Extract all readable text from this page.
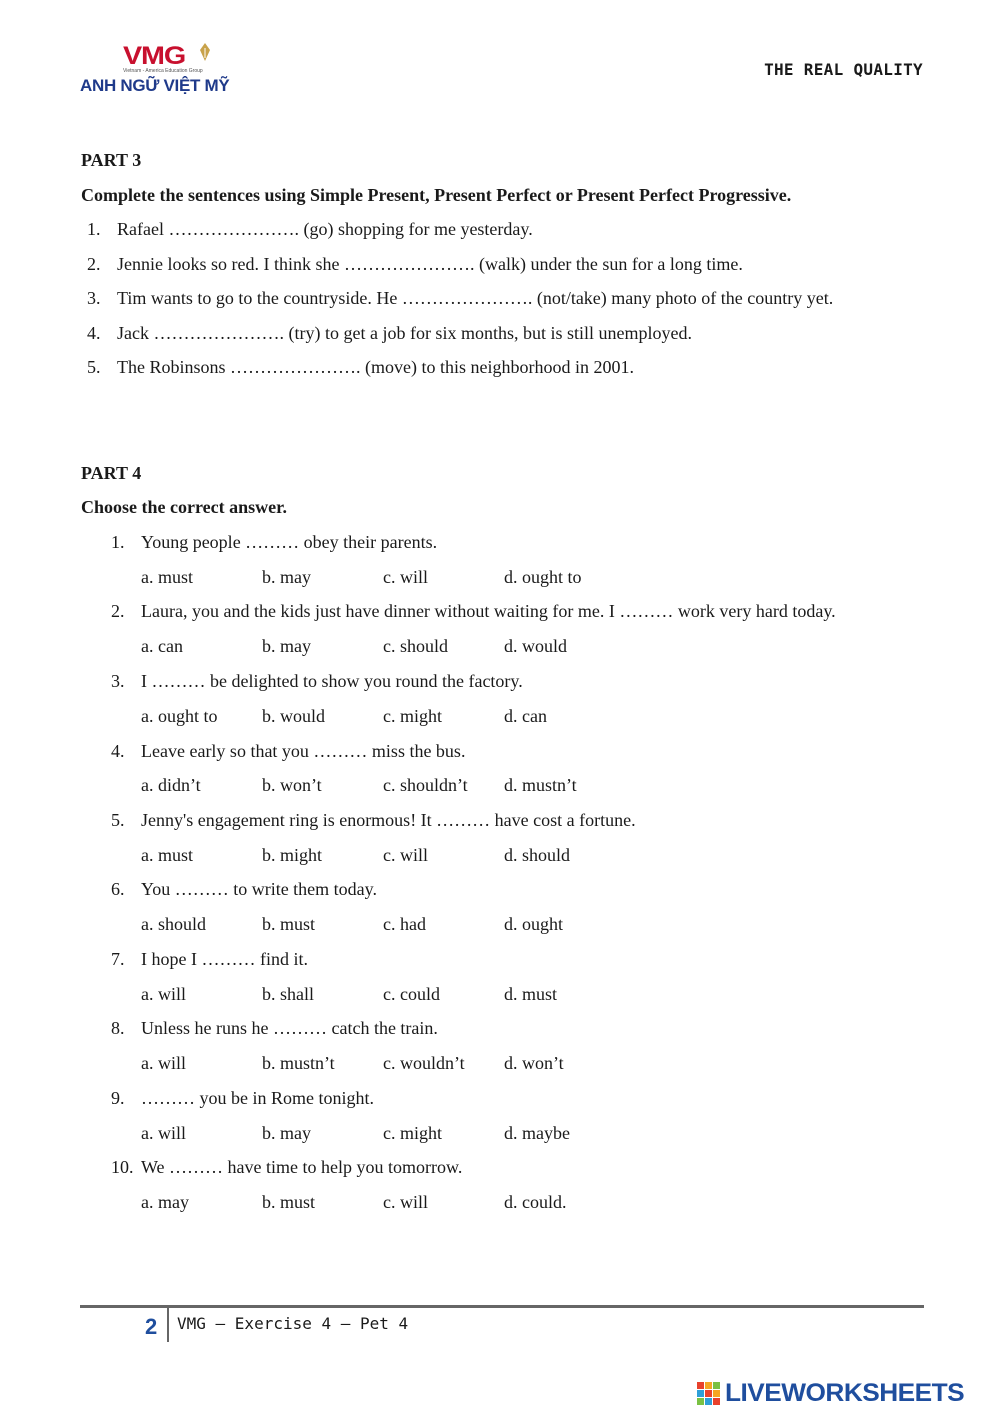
VMG
Vietnam - America Education Group
ANH NGỮ VIỆT MỸ
THE REAL QUALITY
PART 3
Complete the sentences using Simple Present, Present Perfect or Present Perfect Progressive.
1. Rafael …………………. (go) shopping for me yesterday.
2. Jennie looks so red. I think she …………………. (walk) under the sun for a long time.
3. Tim wants to go to the countryside. He …………………. (not/take) many photo of the country yet.
4. Jack …………………. (try) to get a job for six months, but is still unemployed.
5. The Robinsons …………………. (move) to this neighborhood in 2001.
PART 4
Choose the correct answer.
1. Young people ……… obey their parents.
a. must	b. may	c. will	d. ought to
2. Laura, you and the kids just have dinner without waiting for me. I ……… work very hard today.
a. can	b. may	c. should	d. would
3. I ……… be delighted to show you round the factory.
a. ought to b. would	c. might	d. can
4. Leave early so that you ……… miss the bus.
a. didn’t	b. won’t	c. shouldn’t d. mustn’t
5. Jenny's engagement ring is enormous! It ……… have cost a fortune.
a. must	b. might	c. will	d. should
6. You ……… to write them today.
a. should	b. must	c. had	d. ought
7. I hope I ……… find it.
a. will	b. shall	c. could	d. must
8. Unless he runs he ……… catch the train.
a. will	b. mustn’t	c. wouldn’t d. won’t
9. ……… you be in Rome tonight.
a. will	b. may	c. might	d. maybe
10. We ……… have time to help you tomorrow.
a. may	b. must	c. will	d. could.
2 VMG – Exercise 4 – Pet 4
LIVEWORKSHEETS
